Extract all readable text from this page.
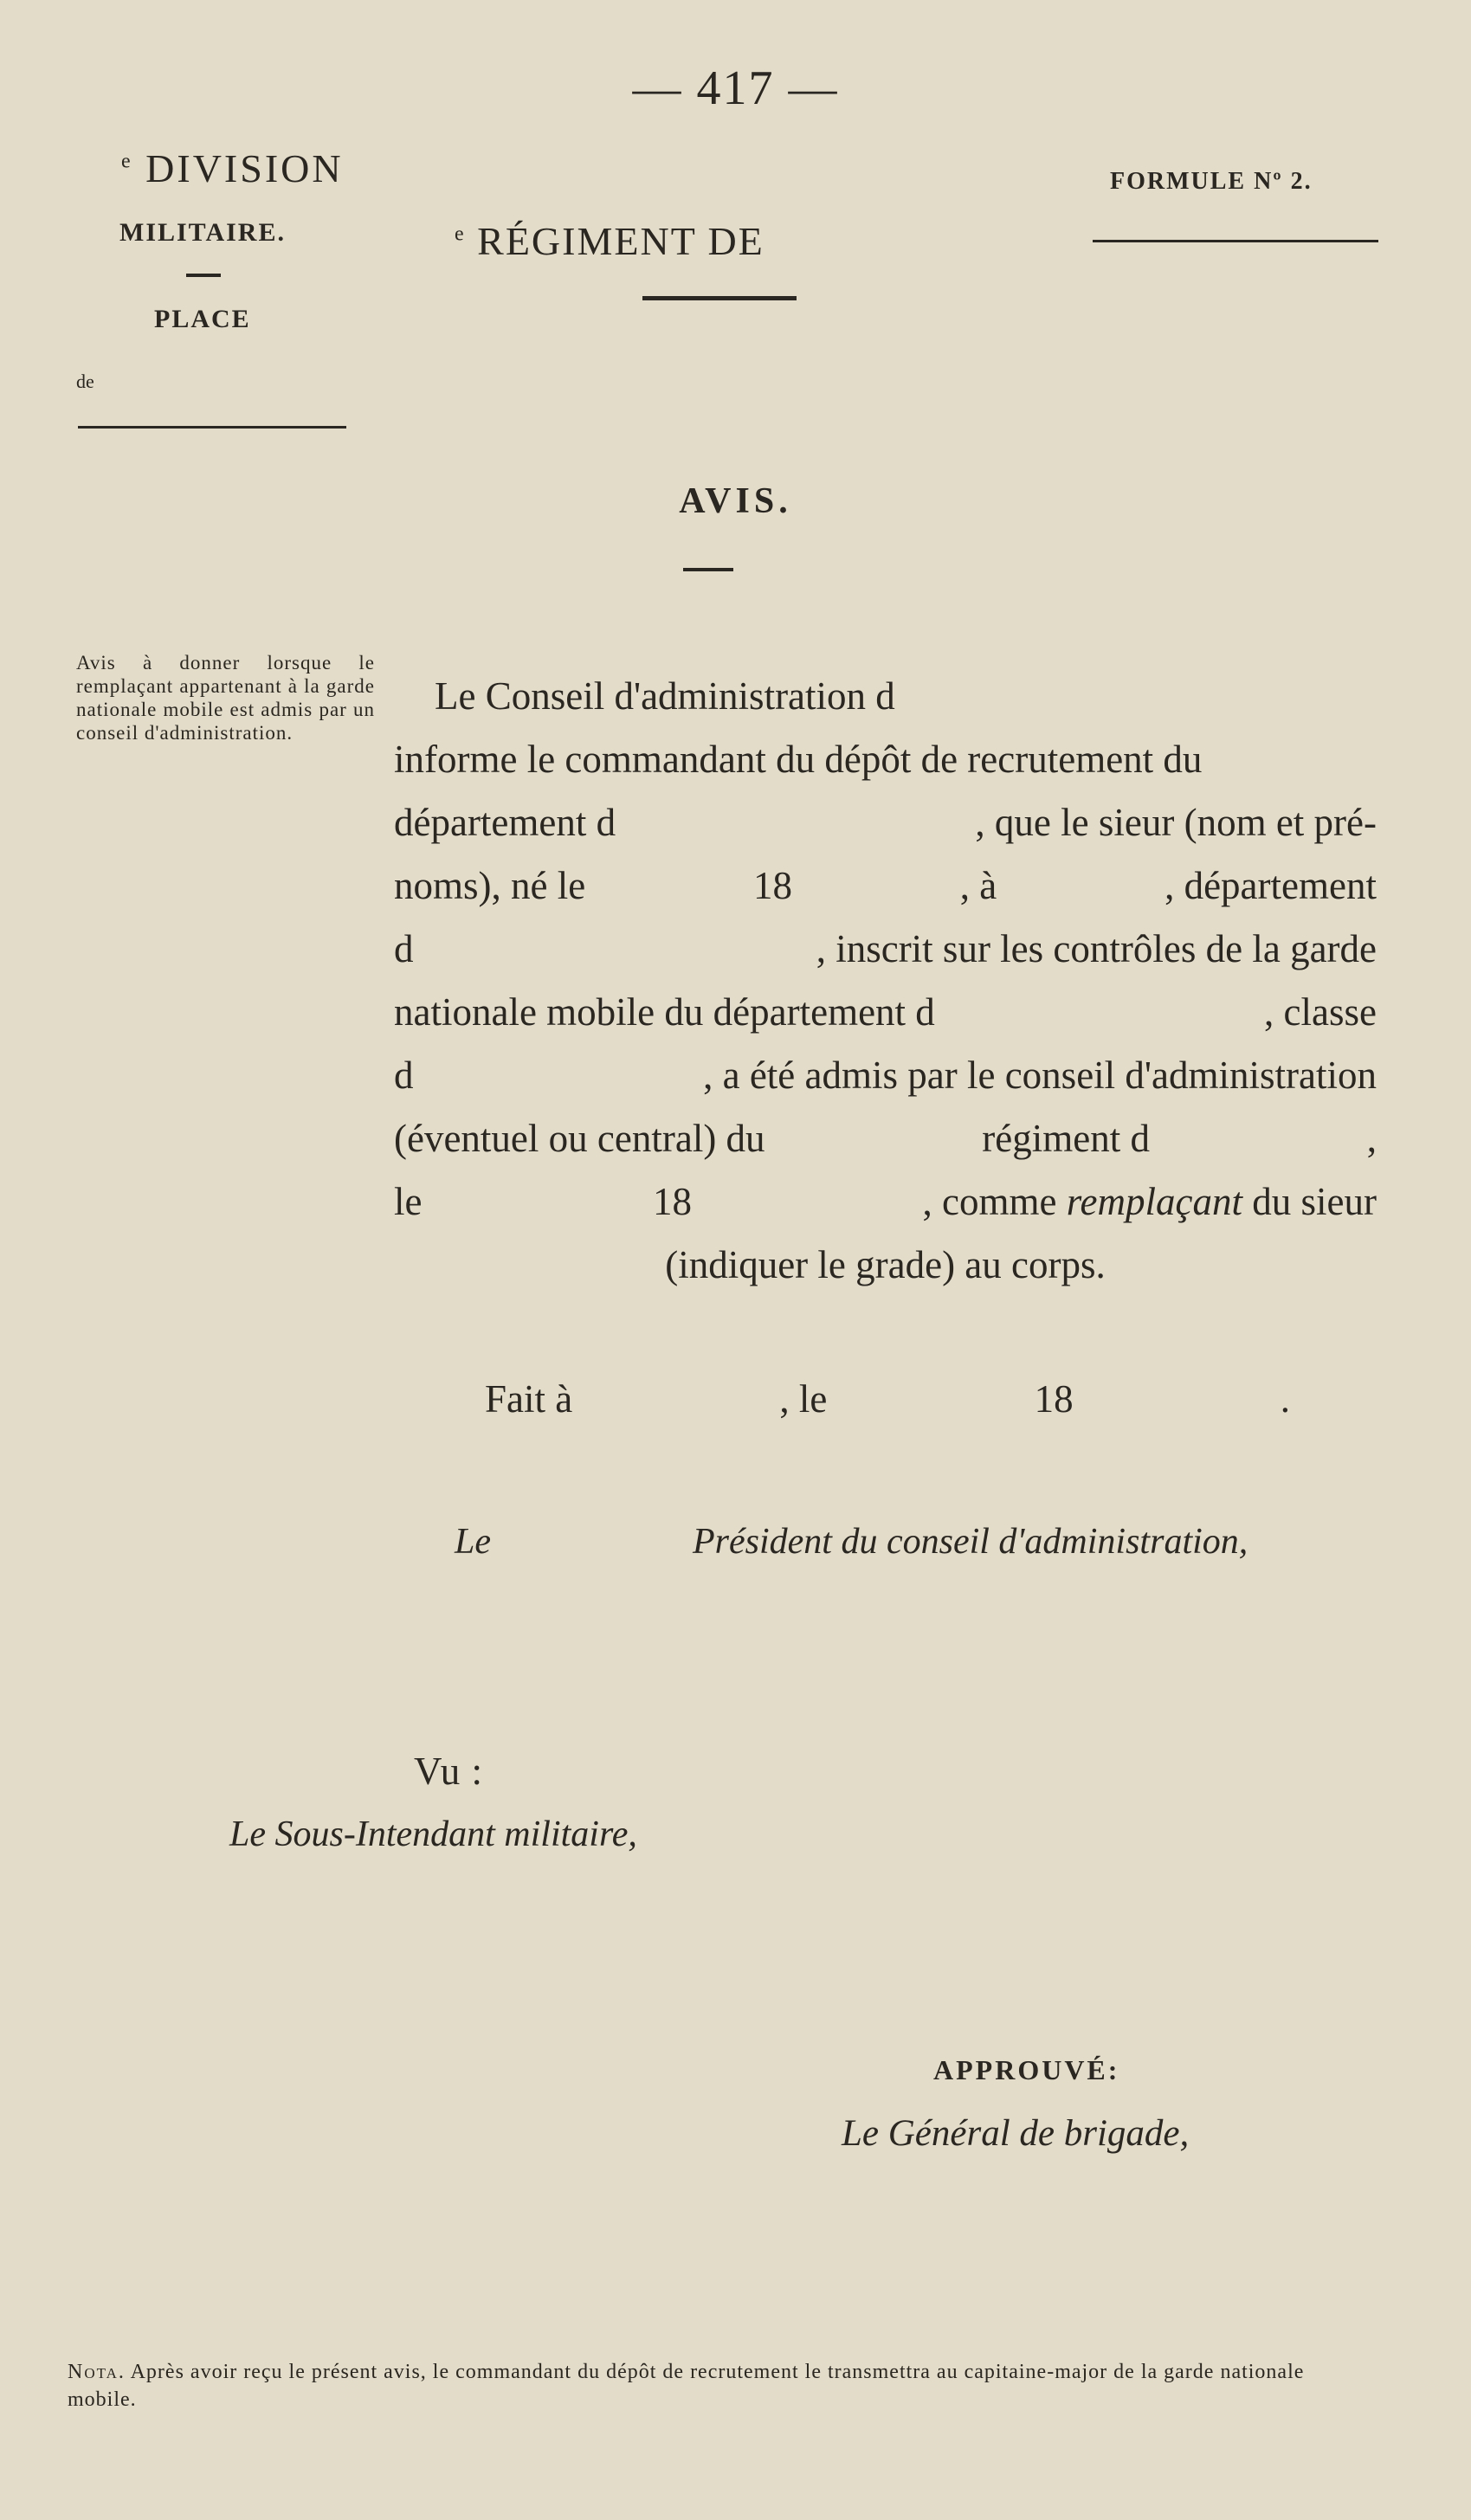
— 417 —
$^e$ DIVISION
MILITAIRE.
PLACE
de
$^e$ RÉGIMENT DE
FORMULE Nº 2.
AVIS.
Avis à donner lorsque le remplaçant appartenant à la garde nationale mobile est admis par un conseil d'administration.
Le Conseil d'administration d
informe le commandant du dépôt de recrutement du
département d	, que le sieur (nom et pré-
noms), né le	18	, à	, département
d	, inscrit sur les contrôles de la garde
nationale mobile du département d	, classe
d	, a été admis par le conseil d'administration
(éventuel ou central) du	régiment d	,
le	18	, comme remplaçant du sieur
(indiquer le grade) au corps.
Fait à	, le	18	.
Le	Président du conseil d'administration,
Vu :
Le Sous-Intendant militaire,
APPROUVÉ:
Le Général de brigade,
Nota. Après avoir reçu le présent avis, le commandant du dépôt de recrutement le transmettra au capitaine-major de la garde nationale mobile.
